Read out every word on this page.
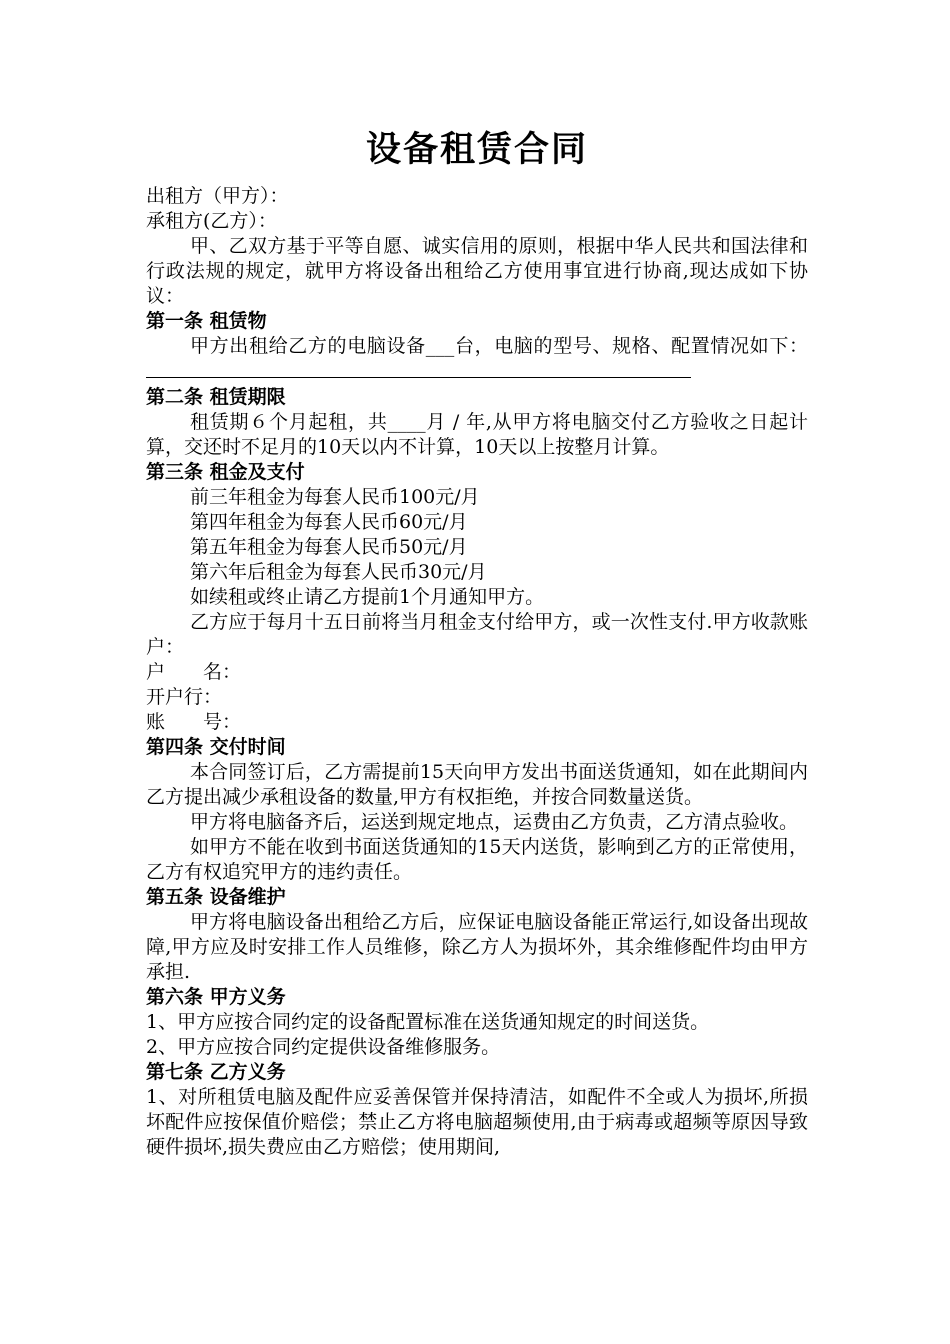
设备租赁合同

出租方（甲方）：

承租方(乙方）：

甲、乙双方基于平等自愿、诚实信用的原则，根据中华人民共和国法律和行政法规的规定，就甲方将设备出租给乙方使用事宜进行协商,现达成如下协议：

第一条 租赁物

甲方出租给乙方的电脑设备___台，电脑的型号、规格、配置情况如下：

第二条 租赁期限

租赁期６个月起租，共____月 / 年,从甲方将电脑交付乙方验收之日起计算，交还时不足月的10天以内不计算，10天以上按整月计算。

第三条 租金及支付

前三年租金为每套人民币100元/月

第四年租金为每套人民币60元/月

第五年租金为每套人民币50元/月

第六年后租金为每套人民币30元/月

如续租或终止请乙方提前1个月通知甲方。

乙方应于每月十五日前将当月租金支付给甲方，或一次性支付.甲方收款账户：

户　　名：

开户行：

账　　号：

第四条 交付时间

本合同签订后，乙方需提前15天向甲方发出书面送货通知，如在此期间内乙方提出减少承租设备的数量,甲方有权拒绝，并按合同数量送货。

甲方将电脑备齐后，运送到规定地点，运费由乙方负责，乙方清点验收。

如甲方不能在收到书面送货通知的15天内送货，影响到乙方的正常使用，乙方有权追究甲方的违约责任。

第五条 设备维护

甲方将电脑设备出租给乙方后，应保证电脑设备能正常运行,如设备出现故障,甲方应及时安排工作人员维修，除乙方人为损坏外，其余维修配件均由甲方承担.

第六条 甲方义务

1、甲方应按合同约定的设备配置标准在送货通知规定的时间送货。

2、甲方应按合同约定提供设备维修服务。

第七条 乙方义务

1、对所租赁电脑及配件应妥善保管并保持清洁，如配件不全或人为损坏,所损坏配件应按保值价赔偿；禁止乙方将电脑超频使用,由于病毒或超频等原因导致硬件损坏,损失费应由乙方赔偿；使用期间,
